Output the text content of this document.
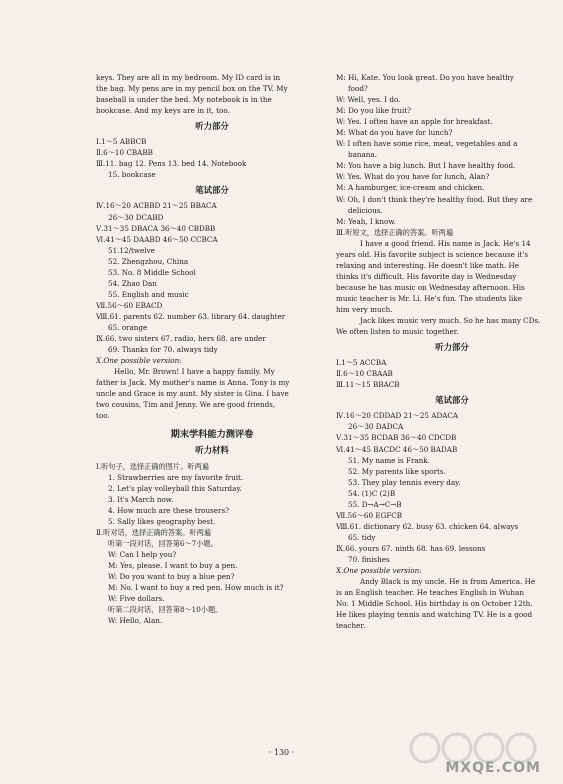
keys. They are all in my bedroom. My ID card is in
the bag. My pens are in my pencil box on the TV. My
baseball is under the bed. My notebook is in the
bookcase. And my keys are in it, too.
听力部分
Ⅰ.1～5 ABBCB
Ⅱ.6～10 CBABB
Ⅲ.11. bag 12. Pens 13. bed 14. Notebook
15. bookcase
笔试部分
Ⅳ.16～20 ACBBD 21～25 BBACA
26～30 DCABD
Ⅴ.31～35 DBACA 36～40 CBDBB
Ⅵ.41～45 DAABD 46～50 CCBCA
51.12/twelve
52. Zhengzhou, China
53. No. 8 Middle School
54. Zhao Dan
55. English and music
Ⅶ.56～60 EBACD
Ⅷ.61. parents 62. number 63. library 64. daughter
65. orange
Ⅸ.66. two sisters 67. radio, hers 68. are under
69. Thanks for 70. always tidy
Ⅹ.One possible version:
Hello, Mr. Brown! I have a happy family. My
father is Jack. My mother's name is Anna. Tony is my
uncle and Grace is my aunt. My sister is Gina. I have
two cousins, Tim and Jenny. We are good friends,
too.
期末学科能力测评卷
听力材料
Ⅰ.听句子，选择正确的图片。听两遍
1. Strawberries are my favorite fruit.
2. Let's play volleyball this Saturday.
3. It's March now.
4. How much are these trousers?
5. Sally likes geography best.
Ⅱ.听对话，选择正确的答案。听两遍
听第一段对话，回答第6～7小题。
W: Can I help you?
M: Yes, please. I want to buy a pen.
W: Do you want to buy a blue pen?
M: No. I want to buy a red pen. How much is it?
W: Five dollars.
听第二段对话，回答第8～10小题。
W: Hello, Alan.
M: Hi, Kate. You look great. Do you have healthy
food?
W: Well, yes. I do.
M: Do you like fruit?
W: Yes. I often have an apple for breakfast.
M: What do you have for lunch?
W: I often have some rice, meat, vegetables and a
banana.
M: You have a big lunch. But I have healthy food.
W: Yes. What do you have for lunch, Alan?
M: A hamburger, ice-cream and chicken.
W: Oh, I don't think they're healthy food. But they are
delicious.
M: Yeah, I know.
Ⅲ.听短文，选择正确的答案。听两遍
I have a good friend. His name is Jack. He's 14
years old. His favorite subject is science because it's
relaxing and interesting. He doesn't like math. He
thinks it's difficult. His favorite day is Wednesday
because he has music on Wednesday afternoon. His
music teacher is Mr. Li. He's fun. The students like
him very much.
Jack likes music very much. So he has many CDs.
We often listen to music together.
听力部分
Ⅰ.1～5 ACCBA
Ⅱ.6～10 CBAAB
Ⅲ.11～15 BBACB
笔试部分
Ⅳ.16～20 CDDAD 21～25 ADACA
26～30 DADCA
Ⅴ.31～35 BCDAB 36～40 CDCDB
Ⅵ.41～45 BACDC 46～50 BADAB
51. My name is Frank.
52. My parents like sports.
53. They play tennis every day.
54. (1)C (2)B
55. D→A→C→B
Ⅶ.56～60 EGFCB
Ⅷ.61. dictionary 62. busy 63. chicken 64. always
65. tidy
Ⅸ.66. yours 67. ninth 68. has 69. lessons
70. finishes
Ⅹ.One possible version:
Andy Black is my uncle. He is from America. He
is an English teacher. He teaches English in Wuhan
No. 1 Middle School. His birthday is on October 12th.
He likes playing tennis and watching TV. He is a good
teacher.
· 130 ·
MXQE.COM
